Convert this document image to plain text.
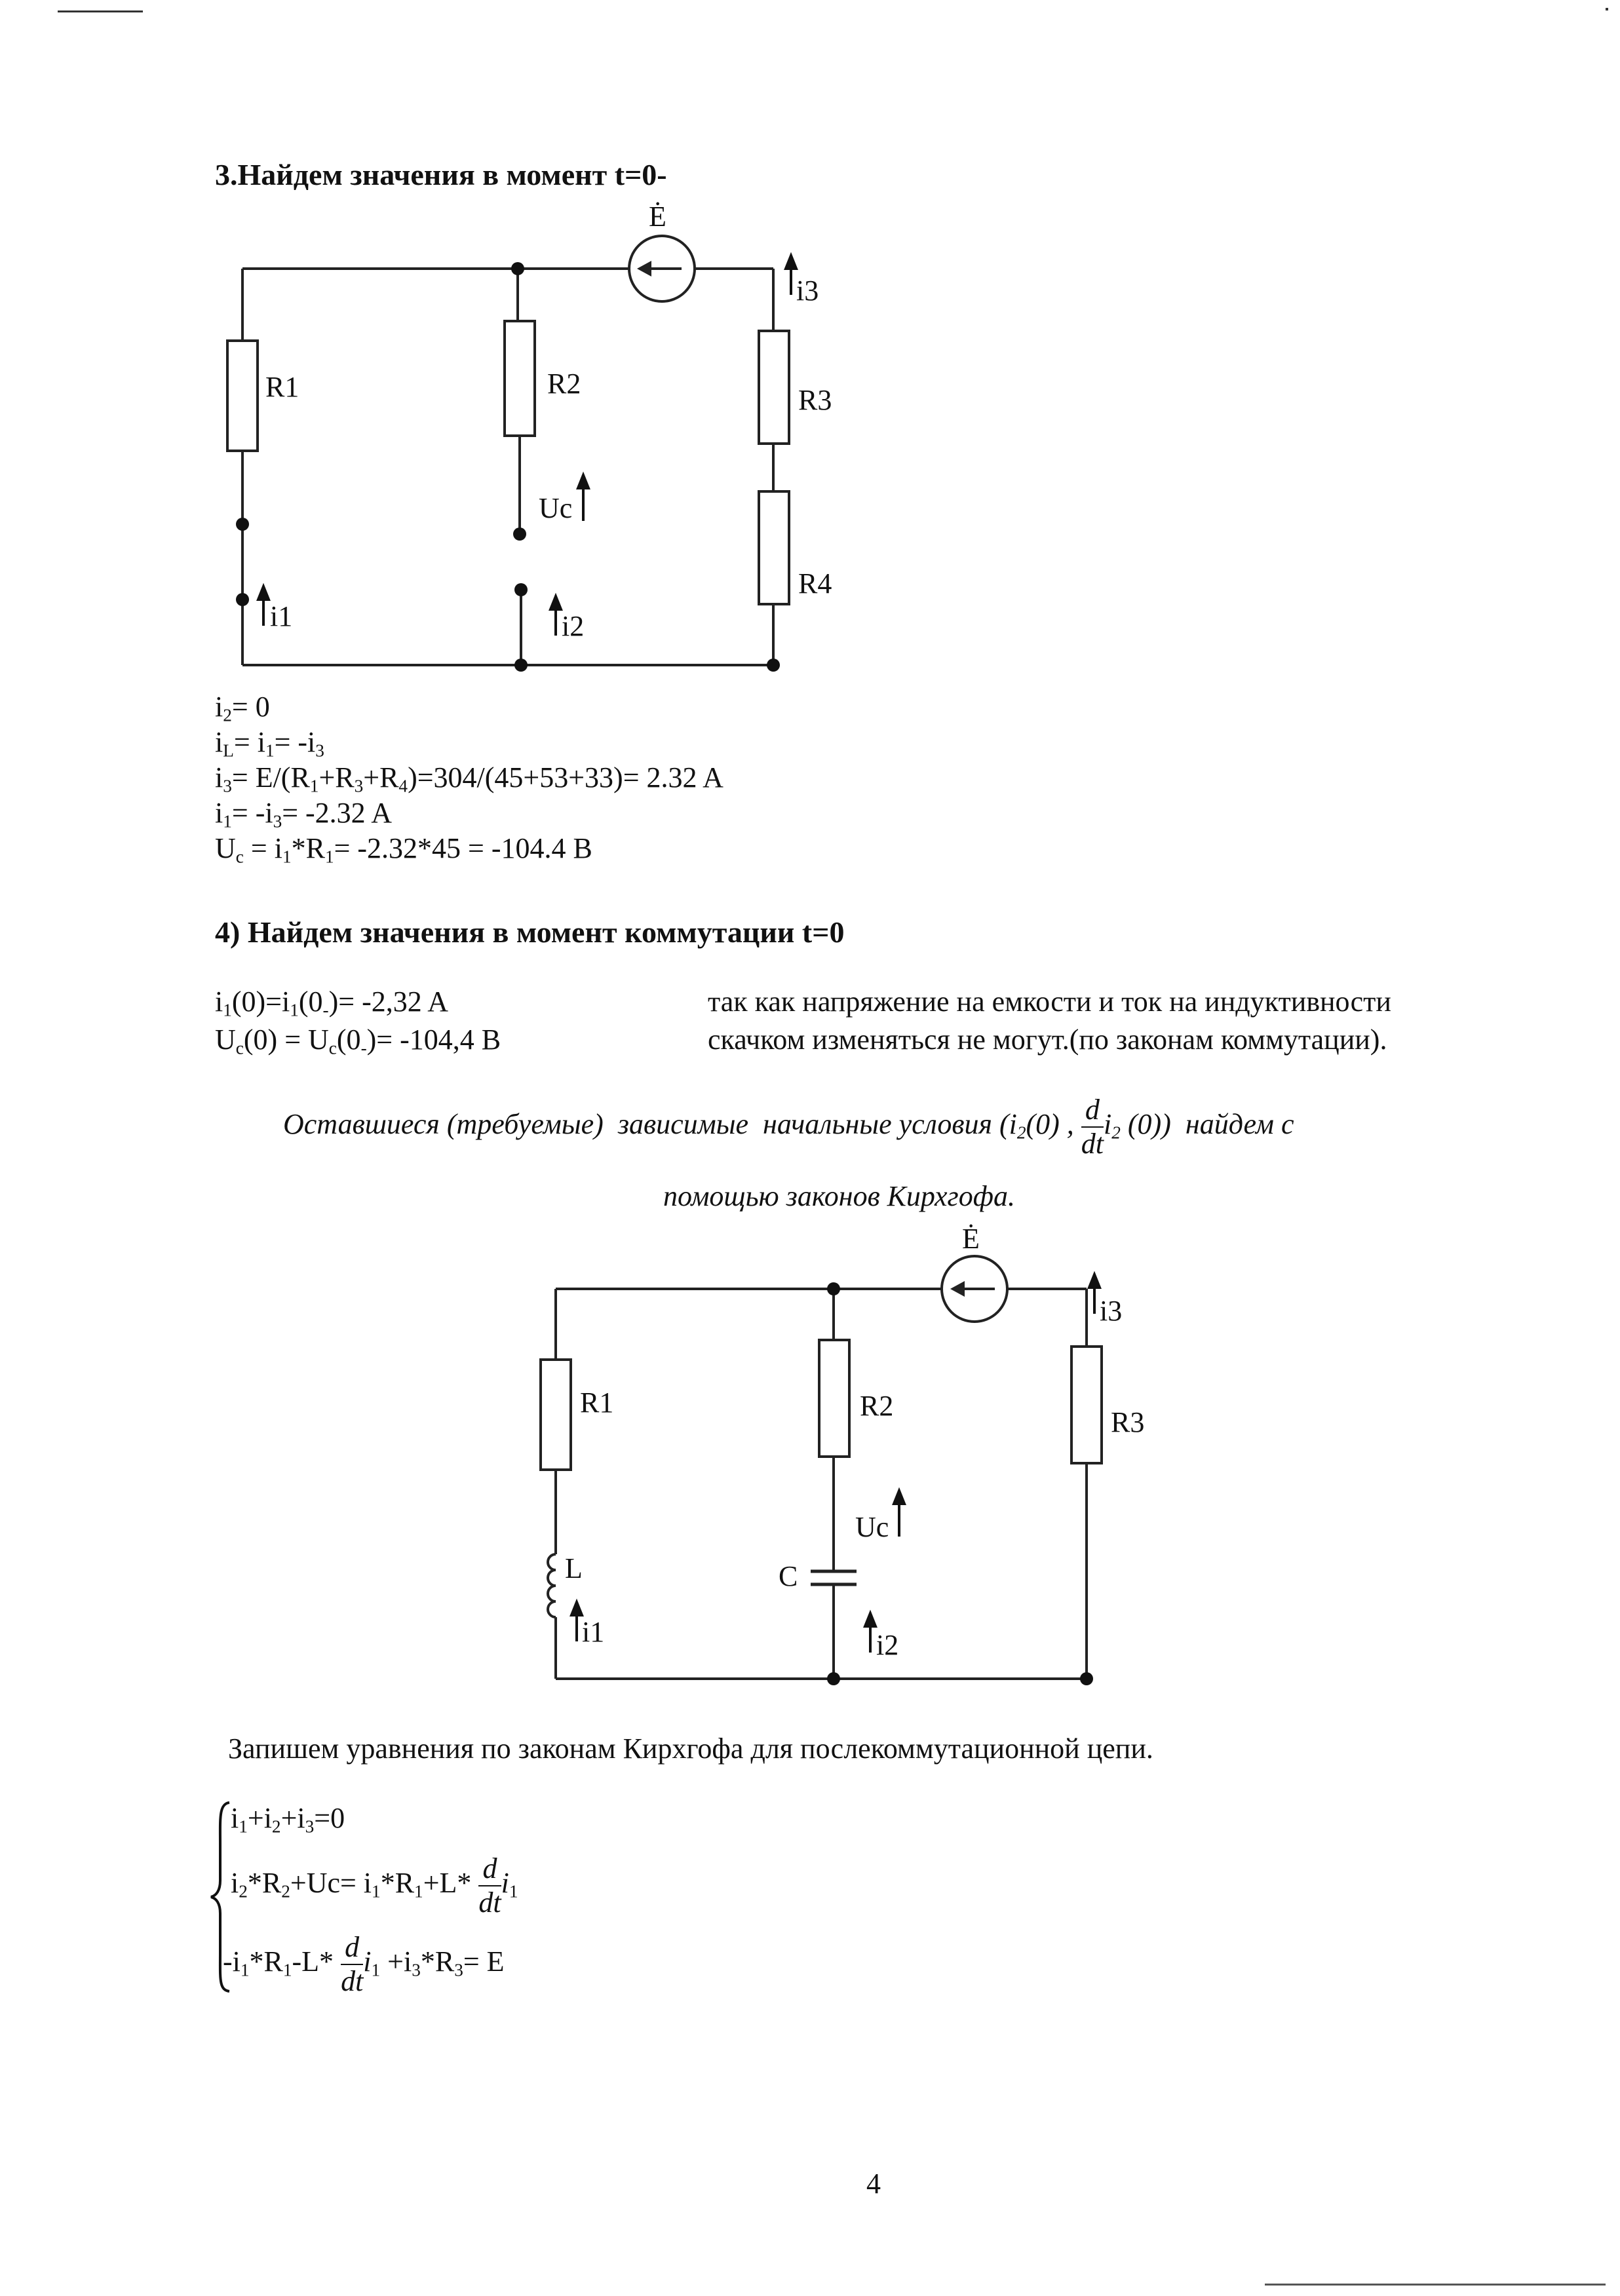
3.Найдем значения в момент t=0-
Ė
R1	R2
R3
R4
Uc
i1	i2
i3
$i_2= 0$
$i_L= i_1= -i_3$
$i_3= E/(R_1+R_3+R_4)=304/(45+53+33)= 2.32$ A
$i_1= -i_3= -2.32$ A
$U_c = i_1*R_1= -2.32*45 = -104.4$ B
4) Найдем значения в момент коммутации t=0
$i_1(0)=i_1(0_-)= -2,32$ A
$U_c(0) = U_c(0_-)= -104,4$ B
так как напряжение на емкости и ток на индуктивности
скачком изменяться не могут.(по законам коммутации).
Оставшиеся (требуемые)  зависимые  начальные условия ($i_2(0)$ , $\frac{d}{dt} i_2$ (0))  найдем с
помощью законов Кирхгофа.
Ė
R1	R2
R3
L	C
Uc
i1	i2
i3
Запишем уравнения по законам Кирхгофа для послекоммутационной цепи.
$i_1+i_2+i_3=0$
$i_2*R_2+Uc= i_1*R_1+L* \frac{d}{dt} i_1$
$-i_1*R_1-L* \frac{d}{dt} i_1 +i_3*R_3= E$
4
